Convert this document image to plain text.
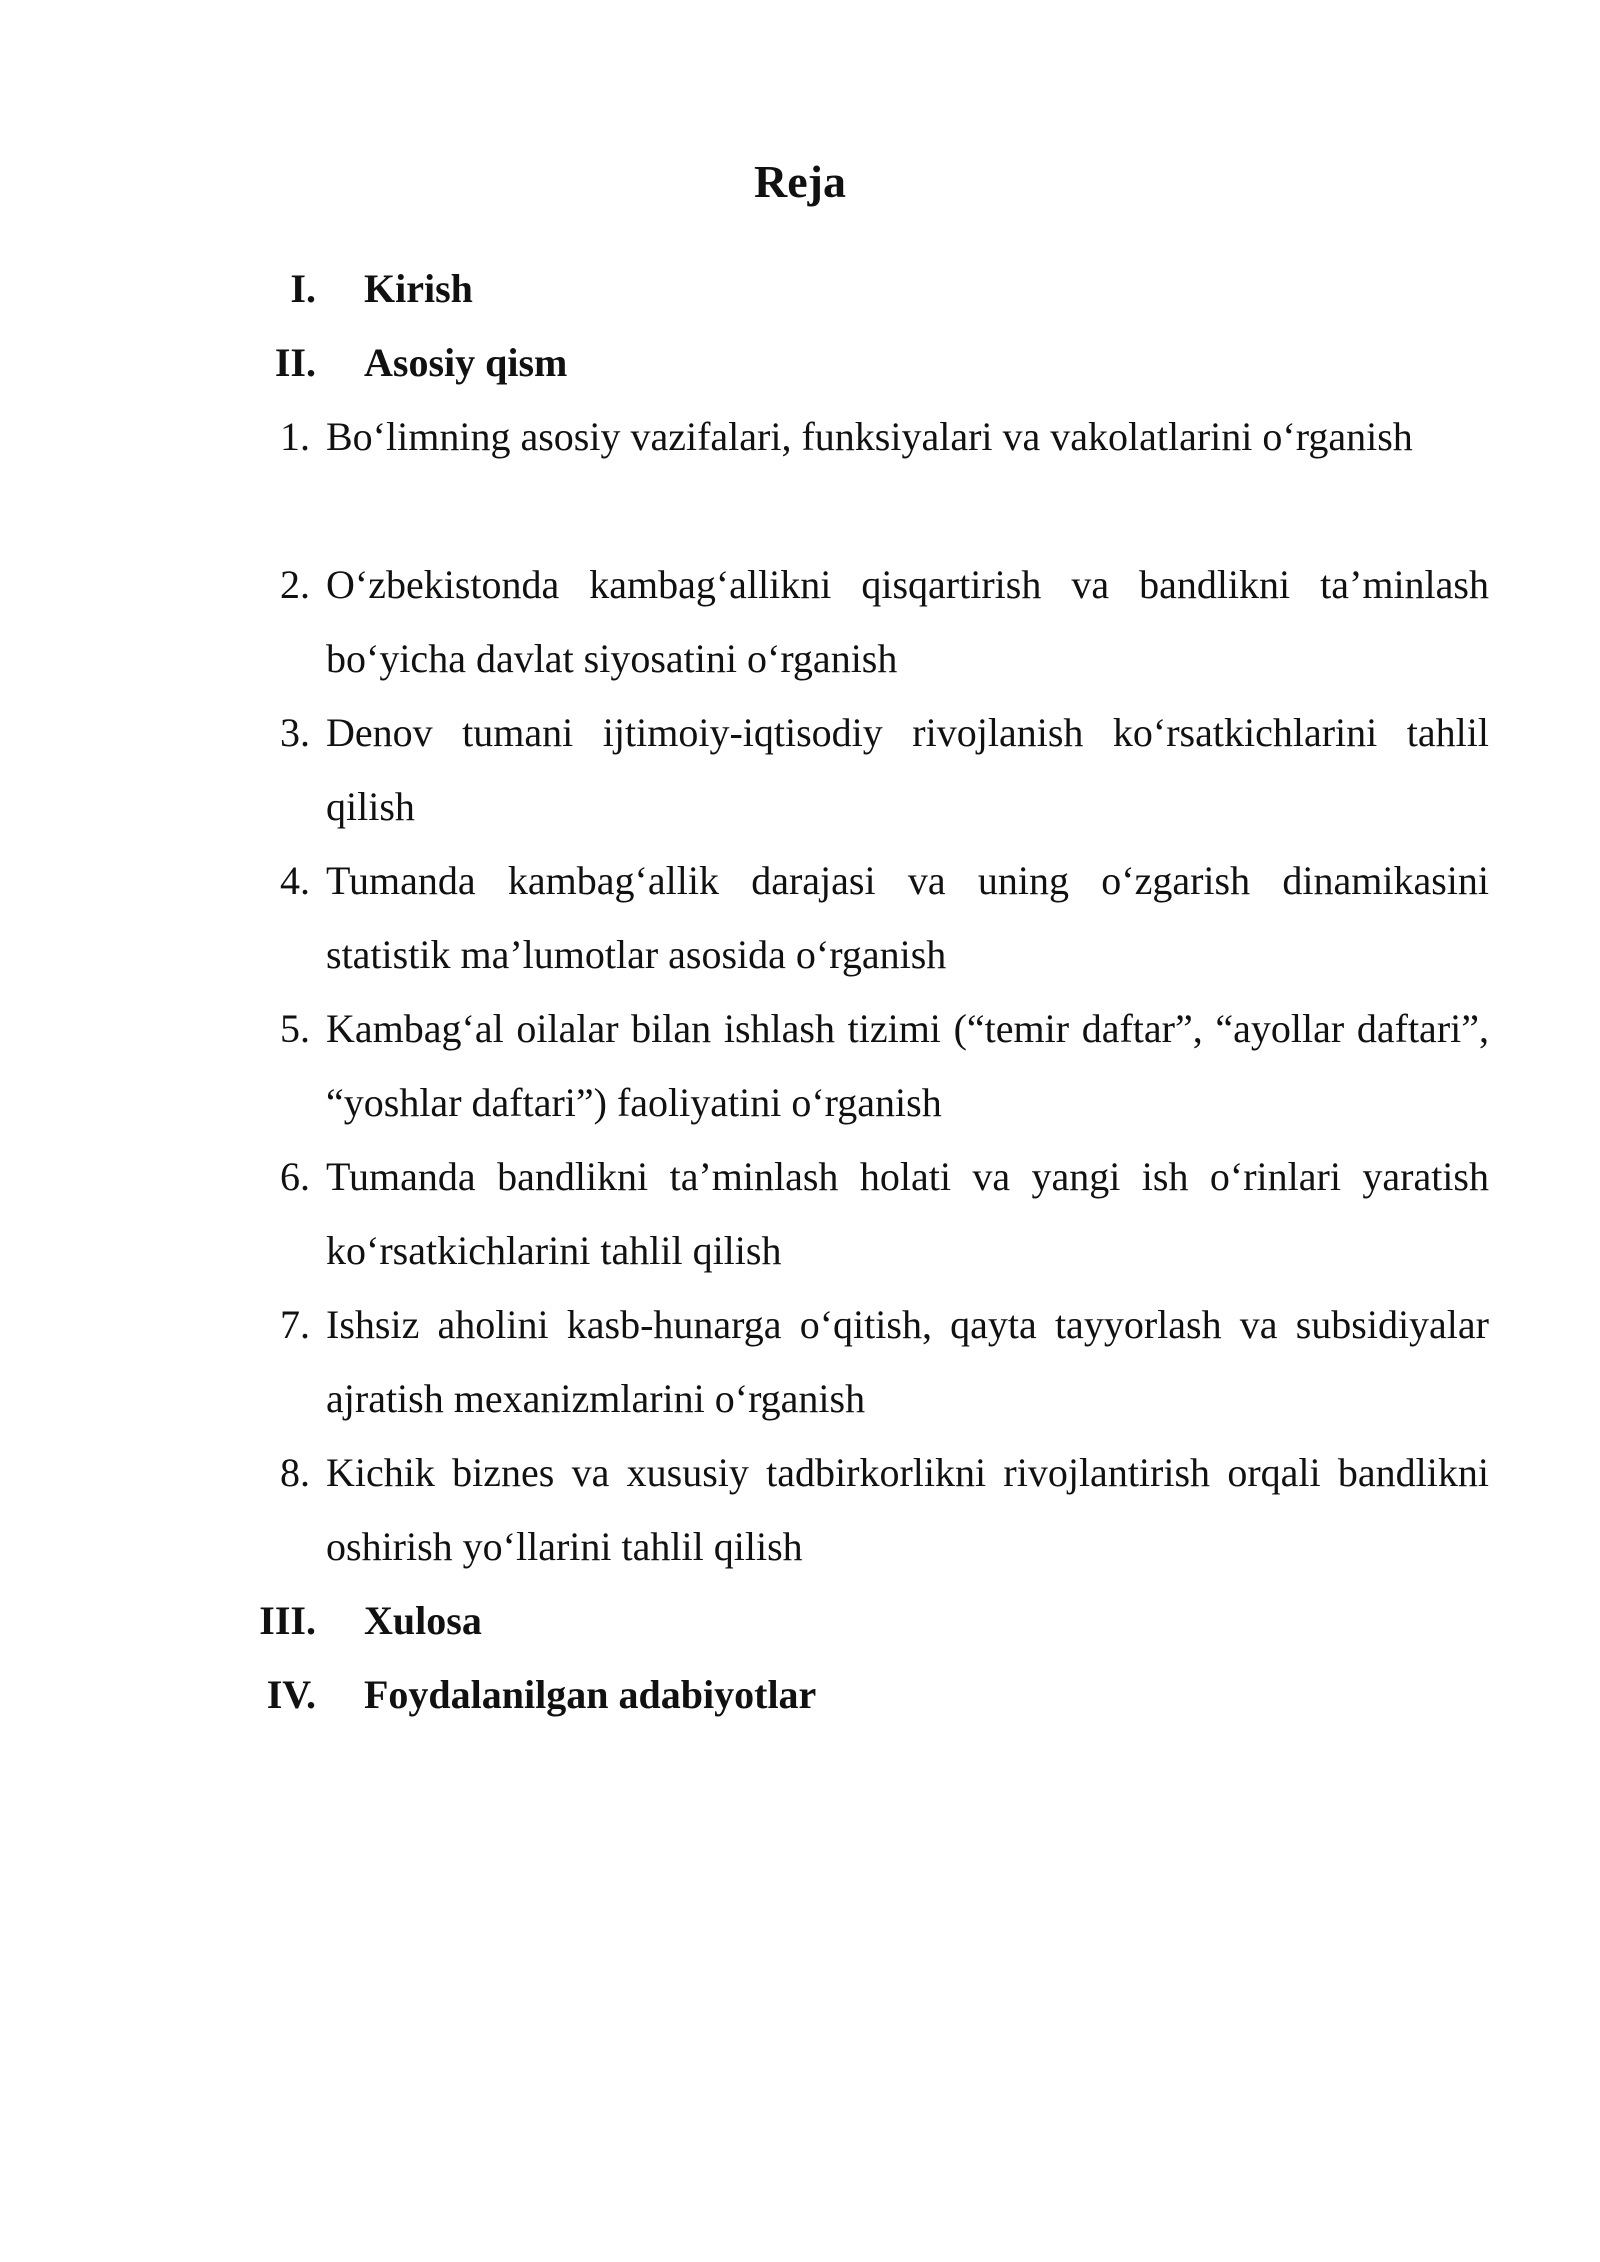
Reja
I. Kirish
II. Asosiy qism
1. Bo‘limning asosiy vazifalari, funksiyalari va vakolatlarini o‘rganish
2. O‘zbekistonda kambag‘allikni qisqartirish va bandlikni ta’minlash bo‘yicha davlat siyosatini o‘rganish
3. Denov tumani ijtimoiy-iqtisodiy rivojlanish ko‘rsatkichlarini tahlil qilish
4. Tumanda kambag‘allik darajasi va uning o‘zgarish dinamikasini statistik ma’lumotlar asosida o‘rganish
5. Kambag‘al oilalar bilan ishlash tizimi (“temir daftar”, “ayollar daftari”, “yoshlar daftari”) faoliyatini o‘rganish
6. Tumanda bandlikni ta’minlash holati va yangi ish o‘rinlari yaratish ko‘rsatkichlarini tahlil qilish
7. Ishsiz aholini kasb-hunarga o‘qitish, qayta tayyorlash va subsidiyalar ajratish mexanizmlarini o‘rganish
8. Kichik biznes va xususiy tadbirkorlikni rivojlantirish orqali bandlikni oshirish yo‘llarini tahlil qilish
III. Xulosa
IV. Foydalanilgan adabiyotlar
